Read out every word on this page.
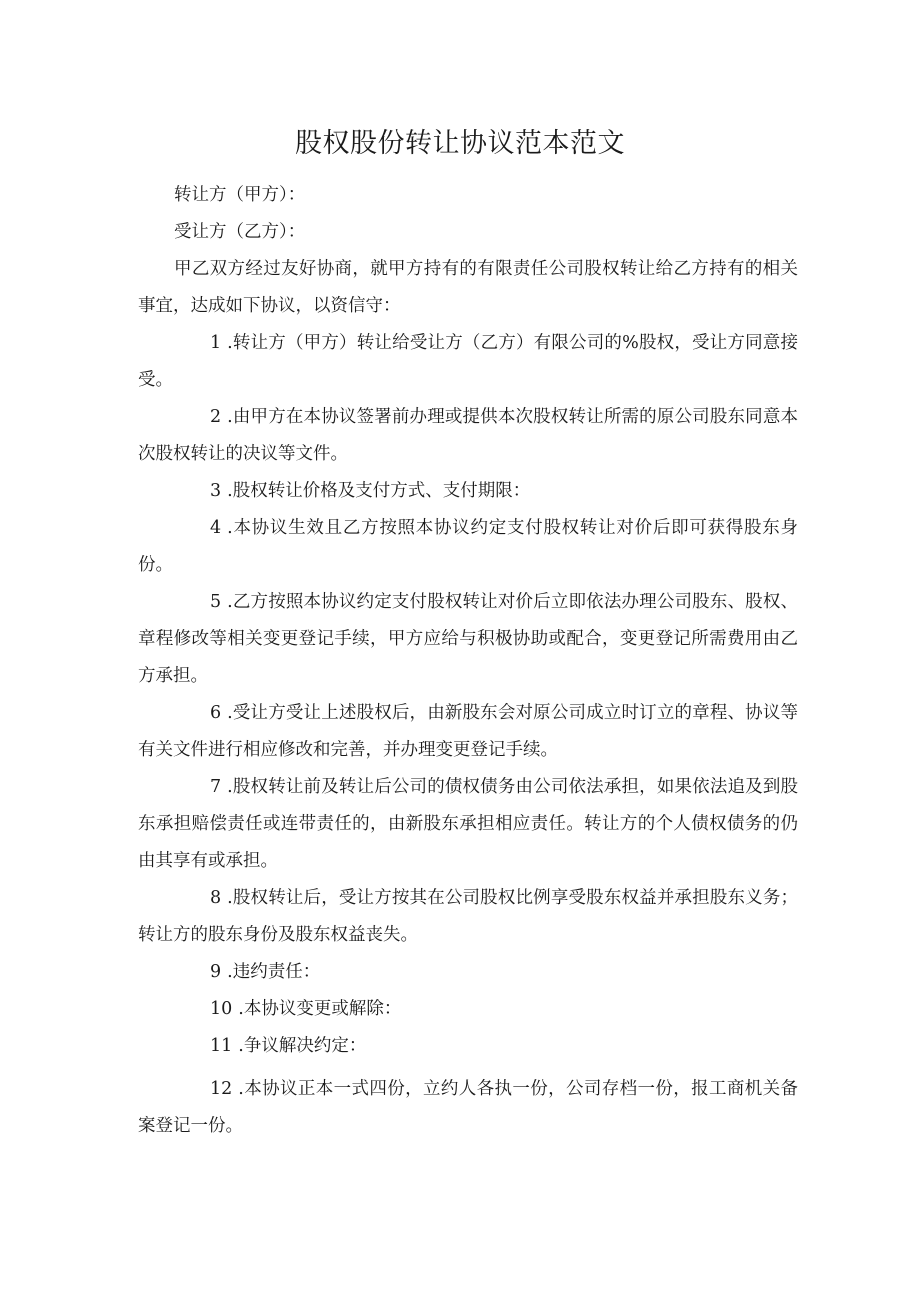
股权股份转让协议范本范文

转让方（甲方）：

受让方（乙方）：

甲乙双方经过友好协商，就甲方持有的有限责任公司股权转让给乙方持有的相关事宜，达成如下协议，以资信守：

1 .转让方（甲方）转让给受让方（乙方）有限公司的%股权，受让方同意接受。

2 .由甲方在本协议签署前办理或提供本次股权转让所需的原公司股东同意本次股权转让的决议等文件。

3 .股权转让价格及支付方式、支付期限：

4 .本协议生效且乙方按照本协议约定支付股权转让对价后即可获得股东身份。

5 .乙方按照本协议约定支付股权转让对价后立即依法办理公司股东、股权、章程修改等相关变更登记手续，甲方应给与积极协助或配合，变更登记所需费用由乙方承担。

6 .受让方受让上述股权后，由新股东会对原公司成立时订立的章程、协议等有关文件进行相应修改和完善，并办理变更登记手续。

7 .股权转让前及转让后公司的债权债务由公司依法承担，如果依法追及到股东承担赔偿责任或连带责任的，由新股东承担相应责任。转让方的个人债权债务的仍由其享有或承担。

8 .股权转让后，受让方按其在公司股权比例享受股东权益并承担股东义务；转让方的股东身份及股东权益丧失。

9 .违约责任：

10 .本协议变更或解除：

11 .争议解决约定：

12 .本协议正本一式四份，立约人各执一份，公司存档一份，报工商机关备案登记一份。
